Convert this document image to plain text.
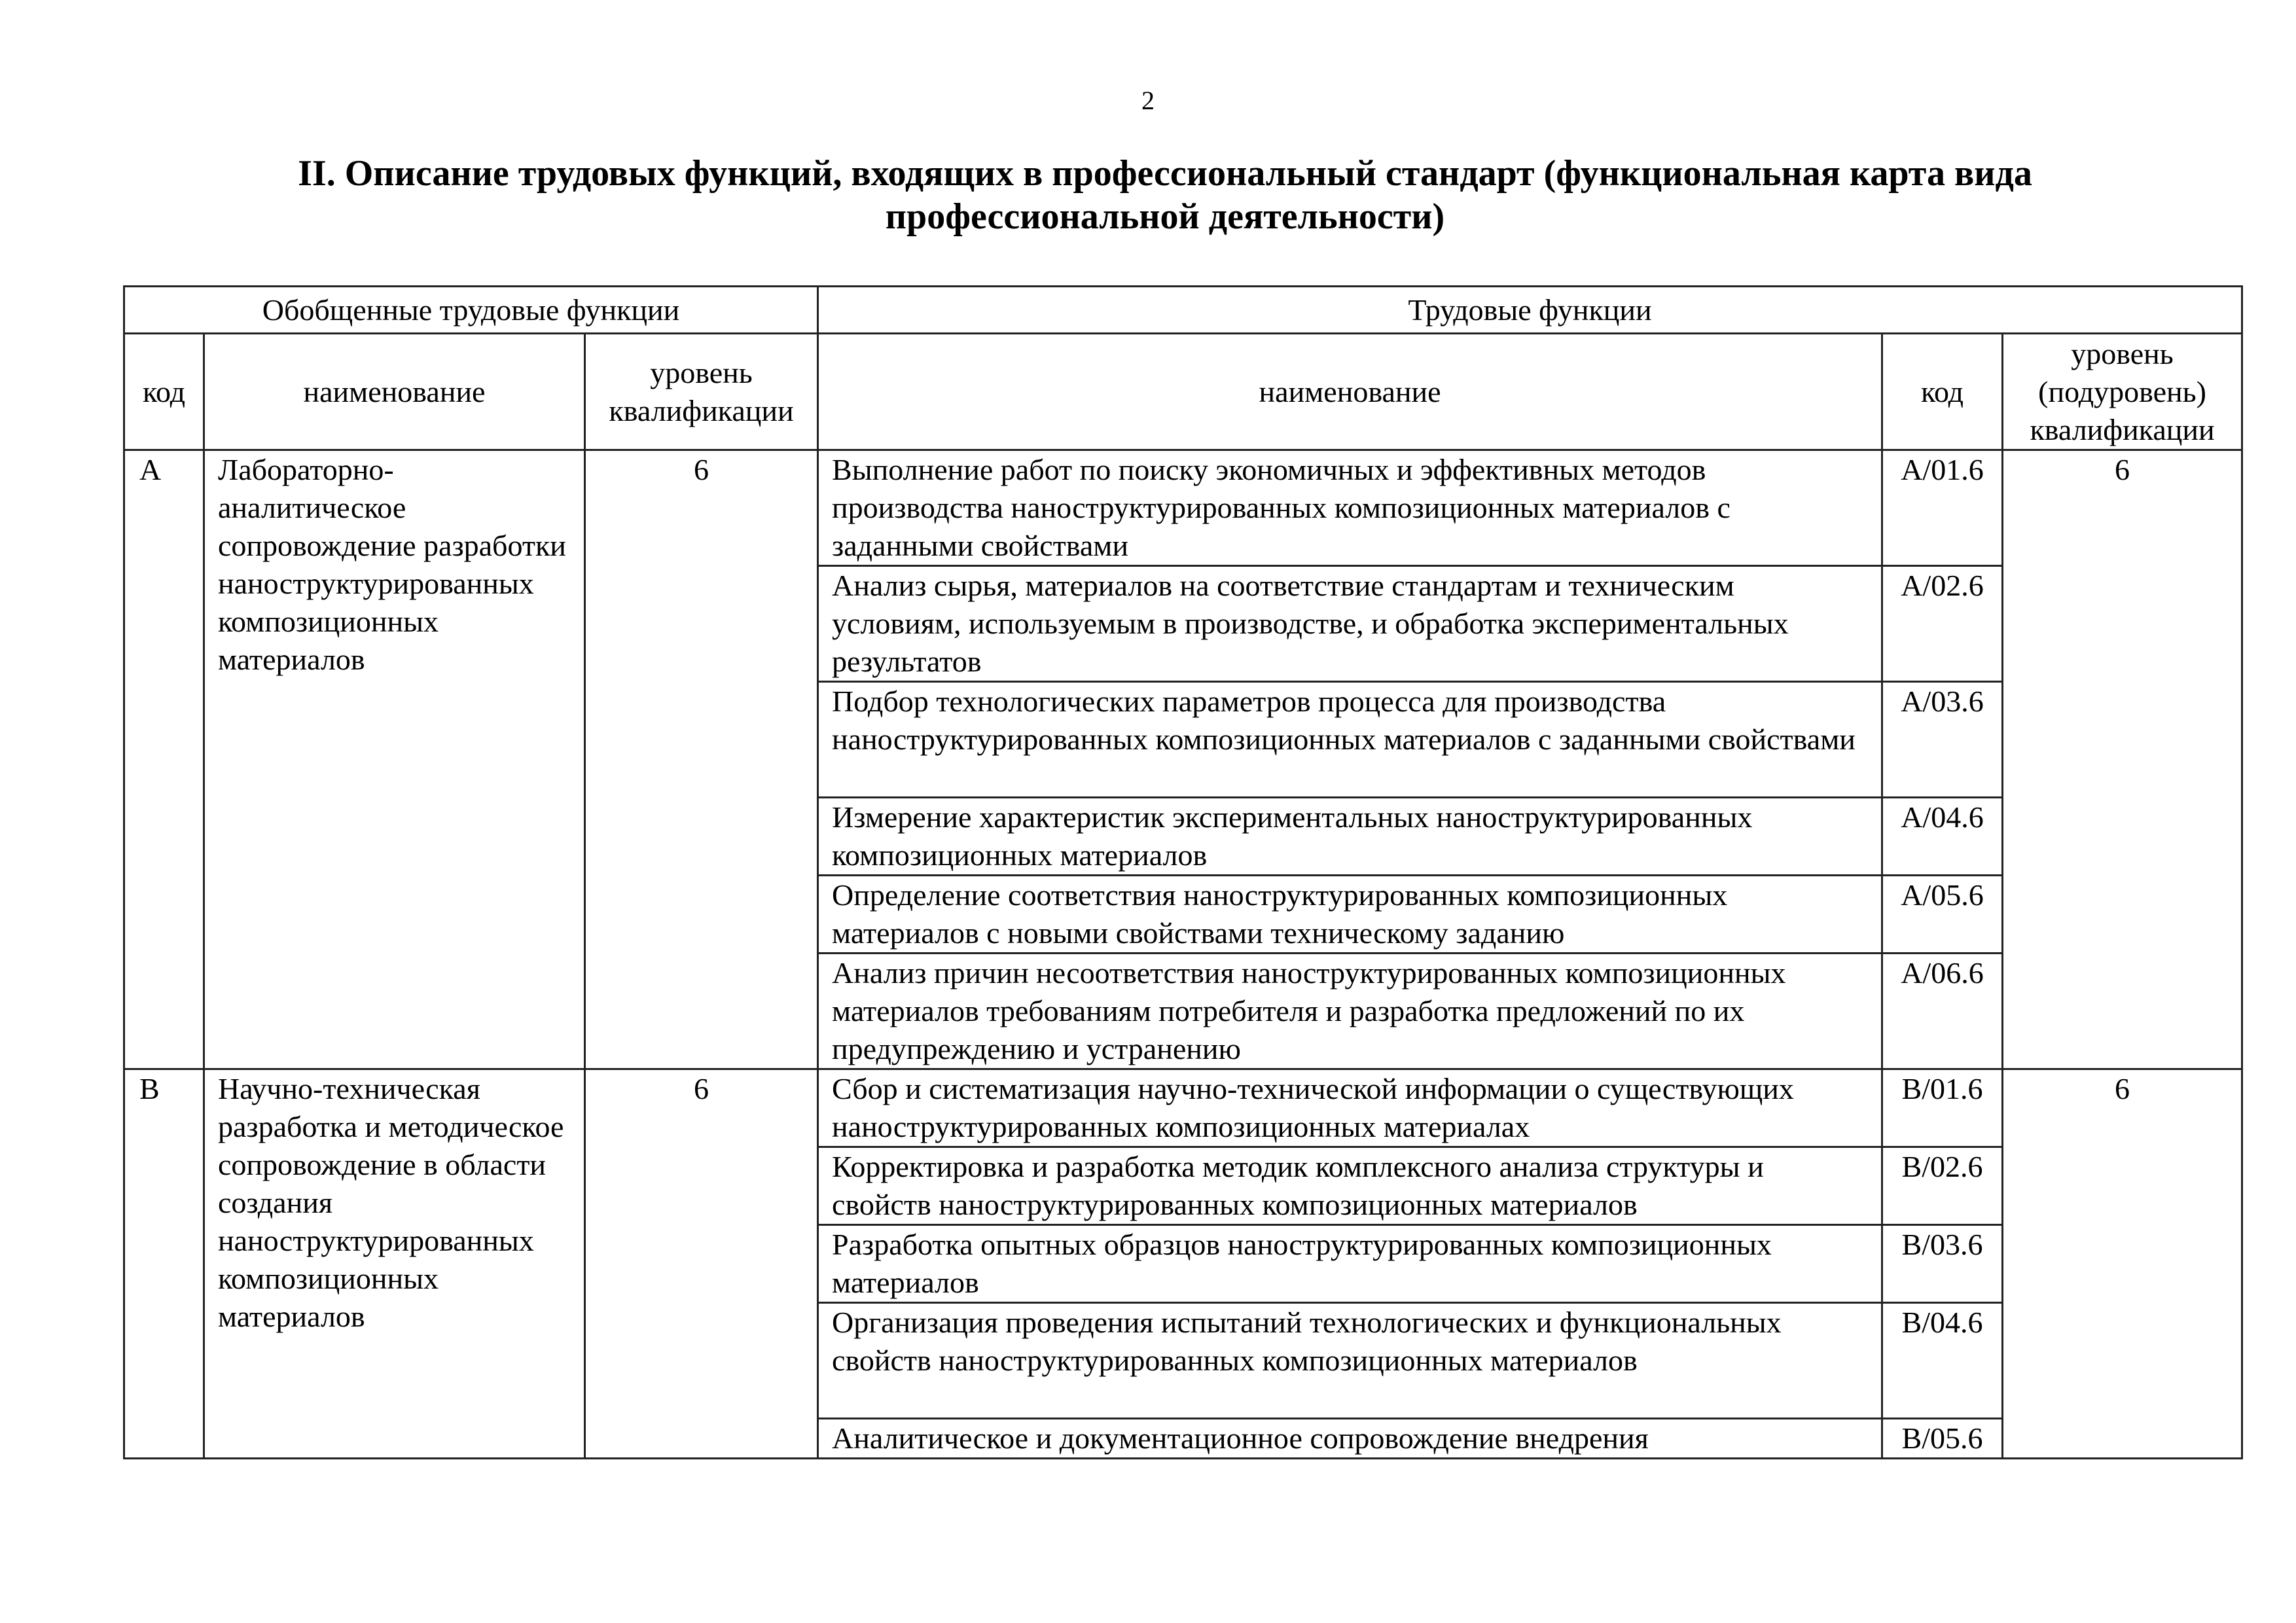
2
II. Описание трудовых функций, входящих в профессиональный стандарт (функциональная карта вида профессиональной деятельности)
Обобщенные трудовые функции			Трудовые функции		
код	наименование	уровень квалификации	наименование	код	уровень (подуровень) квалификации
А	Лабораторно-аналитическое сопровождение разработки наноструктурированных композиционных материалов	6	Выполнение работ по поиску экономичных и эффективных методов производства наноструктурированных композиционных материалов с заданными свойствами	A/01.6	6
			Анализ сырья, материалов на соответствие стандартам и техническим условиям, используемым в производстве, и обработка экспериментальных результатов	A/02.6	
			Подбор технологических параметров процесса для производства наноструктурированных композиционных материалов с заданными свойствами	A/03.6	
			Измерение характеристик экспериментальных наноструктурированных композиционных материалов	A/04.6	
			Определение соответствия наноструктурированных композиционных материалов с новыми свойствами техническому заданию	A/05.6	
			Анализ причин несоответствия наноструктурированных композиционных материалов требованиям потребителя и разработка предложений по их предупреждению и устранению	A/06.6	
В	Научно-техническая разработка и методическое сопровождение в области создания наноструктурированных композиционных материалов	6	Сбор и систематизация научно-технической информации о существующих наноструктурированных композиционных материалах	B/01.6	6
			Корректировка и разработка методик комплексного анализа структуры и свойств наноструктурированных композиционных материалов	B/02.6	
			Разработка опытных образцов наноструктурированных композиционных материалов	B/03.6	
			Организация проведения испытаний технологических и функциональных свойств наноструктурированных композиционных материалов	B/04.6	
			Аналитическое и документационное сопровождение внедрения	B/05.6	
